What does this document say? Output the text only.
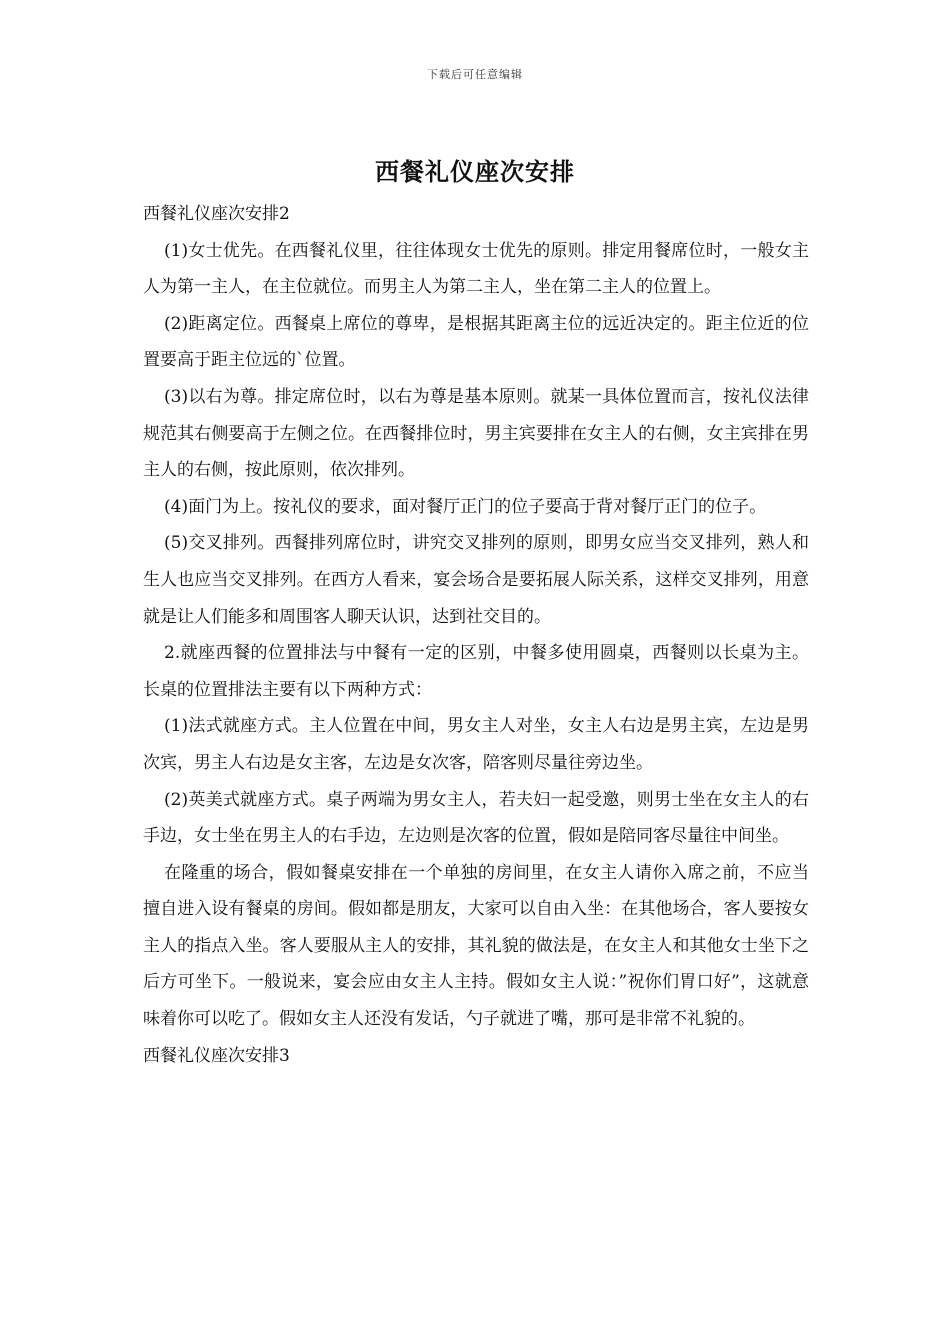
下载后可任意编辑
西餐礼仪座次安排

西餐礼仪座次安排2

(1)女士优先。在西餐礼仪里，往往体现女士优先的原则。排定用餐席位时，一般女主人为第一主人，在主位就位。而男主人为第二主人，坐在第二主人的位置上。

(2)距离定位。西餐桌上席位的尊卑，是根据其距离主位的远近决定的。距主位近的位置要高于距主位远的`位置。

(3)以右为尊。排定席位时，以右为尊是基本原则。就某一具体位置而言，按礼仪法律规范其右侧要高于左侧之位。在西餐排位时，男主宾要排在女主人的右侧，女主宾排在男主人的右侧，按此原则，依次排列。

(4)面门为上。按礼仪的要求，面对餐厅正门的位子要高于背对餐厅正门的位子。

(5)交叉排列。西餐排列席位时，讲究交叉排列的原则，即男女应当交叉排列，熟人和生人也应当交叉排列。在西方人看来，宴会场合是要拓展人际关系，这样交叉排列，用意就是让人们能多和周围客人聊天认识，达到社交目的。

2.就座西餐的位置排法与中餐有一定的区别，中餐多使用圆桌，西餐则以长桌为主。长桌的位置排法主要有以下两种方式：

(1)法式就座方式。主人位置在中间，男女主人对坐，女主人右边是男主宾，左边是男次宾，男主人右边是女主客，左边是女次客，陪客则尽量往旁边坐。

(2)英美式就座方式。桌子两端为男女主人，若夫妇一起受邀，则男士坐在女主人的右手边，女士坐在男主人的右手边，左边则是次客的位置，假如是陪同客尽量往中间坐。

在隆重的场合，假如餐桌安排在一个单独的房间里，在女主人请你入席之前，不应当擅自进入设有餐桌的房间。假如都是朋友，大家可以自由入坐：在其他场合，客人要按女主人的指点入坐。客人要服从主人的安排，其礼貌的做法是，在女主人和其他女士坐下之后方可坐下。一般说来，宴会应由女主人主持。假如女主人说：”祝你们胃口好”，这就意味着你可以吃了。假如女主人还没有发话，勺子就进了嘴，那可是非常不礼貌的。

西餐礼仪座次安排3
